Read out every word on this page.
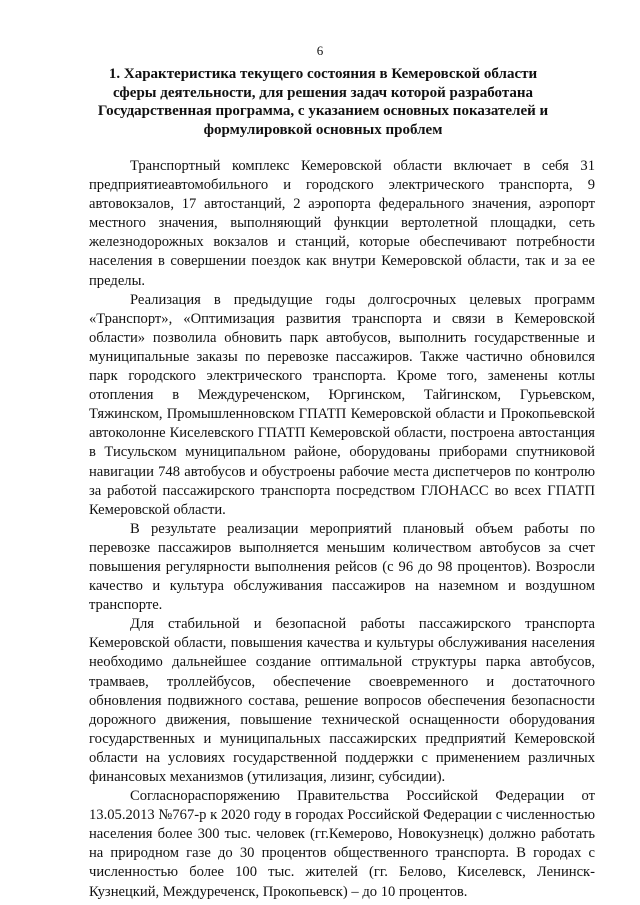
6
1. Характеристика текущего состояния в Кемеровской области сферы деятельности, для решения задач которой разработана Государственная программа, с указанием основных показателей и формулировкой основных проблем

Транспортный комплекс Кемеровской области включает в себя 31 предприятиеавтомобильного и городского электрического транспорта, 9 автовокзалов, 17 автостанций, 2 аэропорта федерального значения, аэропорт местного значения, выполняющий функции вертолетной площадки, сеть железнодорожных вокзалов и станций, которые обеспечивают потребности населения в совершении поездок как внутри Кемеровской области, так и за ее пределы.

Реализация в предыдущие годы долгосрочных целевых программ «Транспорт», «Оптимизация развития транспорта и связи в Кемеровской области» позволила обновить парк автобусов, выполнить государственные и муниципальные заказы по перевозке пассажиров. Также частично обновился парк городского электрического транспорта. Кроме того, заменены котлы отопления в Междуреченском, Юргинском, Тайгинском, Гурьевском, Тяжинском, Промышленновском ГПАТП Кемеровской области и Прокопьевской автоколонне Киселевского ГПАТП Кемеровской области, построена автостанция в Тисульском муниципальном районе, оборудованы приборами спутниковой навигации 748 автобусов и обустроены рабочие места диспетчеров по контролю за работой пассажирского транспорта посредством ГЛОНАСС во всех ГПАТП Кемеровской области.

В результате реализации мероприятий плановый объем работы по перевозке пассажиров выполняется меньшим количеством автобусов за счет повышения регулярности выполнения рейсов (с 96 до 98 процентов). Возросли качество и культура обслуживания пассажиров на наземном и воздушном транспорте.

Для стабильной и безопасной работы пассажирского транспорта Кемеровской области, повышения качества и культуры обслуживания населения необходимо дальнейшее создание оптимальной структуры парка автобусов, трамваев, троллейбусов, обеспечение своевременного и достаточного обновления подвижного состава, решение вопросов обеспечения безопасности дорожного движения, повышение технической оснащенности оборудования государственных и муниципальных пассажирских предприятий Кемеровской области на условиях государственной поддержки с применением различных финансовых механизмов (утилизация, лизинг, субсидии).

Согласнораспоряжению Правительства Российской Федерации от 13.05.2013 №767-р к 2020 году в городах Российской Федерации с численностью населения более 300 тыс. человек (гг.Кемерово, Новокузнецк) должно работать на природном газе до 30 процентов общественного транспорта. В городах с численностью более 100 тыс. жителей (гг. Белово, Киселевск, Ленинск-Кузнецкий, Междуреченск, Прокопьевск) – до 10 процентов.
